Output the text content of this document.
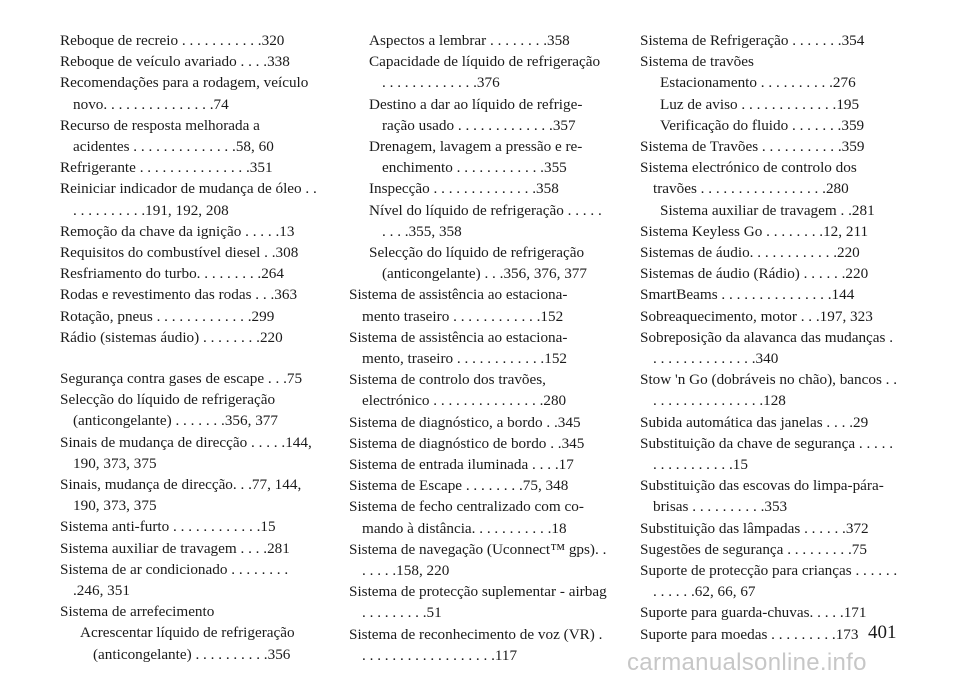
Reboque de recreio . . . . . . . . . . .320

Reboque de veículo avariado . . . .338

Recomendações para a rodagem, veículo novo. . . . . . . . . . . . . . .74

Recurso de resposta melhorada a acidentes . . . . . . . . . . . . . .58, 60

Refrigerante . . . . . . . . . . . . . . .351

Reiniciar indicador de mudança de óleo . . . . . . . . . . . .191, 192, 208

Remoção da chave da ignição . . . . .13

Requisitos do combustível diesel . .308

Resfriamento do turbo. . . . . . . . .264

Rodas e revestimento das rodas . . .363

Rotação, pneus . . . . . . . . . . . . .299

Rádio (sistemas áudio) . . . . . . . .220

Segurança contra gases de escape . . .75

Selecção do líquido de refrigeração (anticongelante) . . . . . . .356, 377

Sinais de mudança de direcção . . . . .144, 190, 373, 375

Sinais, mudança de direcção. . .77, 144, 190, 373, 375

Sistema anti-furto . . . . . . . . . . . .15

Sistema auxiliar de travagem . . . .281

Sistema de ar condicionado . . . . . . . . .246, 351

Sistema de arrefecimento

Acrescentar líquido de refrigeração (anticongelante) . . . . . . . . . .356

Aspectos a lembrar . . . . . . . .358

Capacidade de líquido de refrigeração . . . . . . . . . . . . .376

Destino a dar ao líquido de refrige- ração usado . . . . . . . . . . . . .357

Drenagem, lavagem a pressão e re- enchimento . . . . . . . . . . . .355

Inspecção . . . . . . . . . . . . . .358

Nível do líquido de refrigeração . . . . . . . . .355, 358

Selecção do líquido de refrigeração (anticongelante) . . .356, 376, 377

Sistema de assistência ao estaciona- mento traseiro . . . . . . . . . . . .152

Sistema de assistência ao estaciona- mento, traseiro . . . . . . . . . . . .152

Sistema de controlo dos travões, electrónico . . . . . . . . . . . . . . .280

Sistema de diagnóstico, a bordo . .345

Sistema de diagnóstico de bordo . .345

Sistema de entrada iluminada . . . .17

Sistema de Escape . . . . . . . .75, 348

Sistema de fecho centralizado com co- mando à distância. . . . . . . . . . .18

Sistema de navegação (Uconnect™ gps). . . . . . .158, 220

Sistema de protecção suplementar - airbag . . . . . . . . .51

Sistema de reconhecimento de voz (VR) . . . . . . . . . . . . . . . . . . .117

Sistema de Refrigeração . . . . . . .354

Sistema de travões

Estacionamento . . . . . . . . . .276

Luz de aviso . . . . . . . . . . . . .195

Verificação do fluido . . . . . . .359

Sistema de Travões . . . . . . . . . . .359

Sistema electrónico de controlo dos travões . . . . . . . . . . . . . . . . .280

Sistema auxiliar de travagem . .281

Sistema Keyless Go . . . . . . . .12, 211

Sistemas de áudio. . . . . . . . . . . .220

Sistemas de áudio (Rádio) . . . . . .220

SmartBeams . . . . . . . . . . . . . . .144

Sobreaquecimento, motor . . .197, 323

Sobreposição da alavanca das mudanças . . . . . . . . . . . . . . .340

Stow 'n Go (dobráveis no chão), bancos . . . . . . . . . . . . . . . . .128

Subida automática das janelas . . . .29

Substituição da chave de segurança . . . . . . . . . . . . . . . .15

Substituição das escovas do limpa-pára-brisas . . . . . . . . . .353

Substituição das lâmpadas . . . . . .372

Sugestões de segurança . . . . . . . . .75

Suporte de protecção para crianças . . . . . . . . . . . .62, 66, 67

Suporte para guarda-chuvas. . . . .171

Suporte para moedas . . . . . . . . .173 401
carmanualsonline.info
